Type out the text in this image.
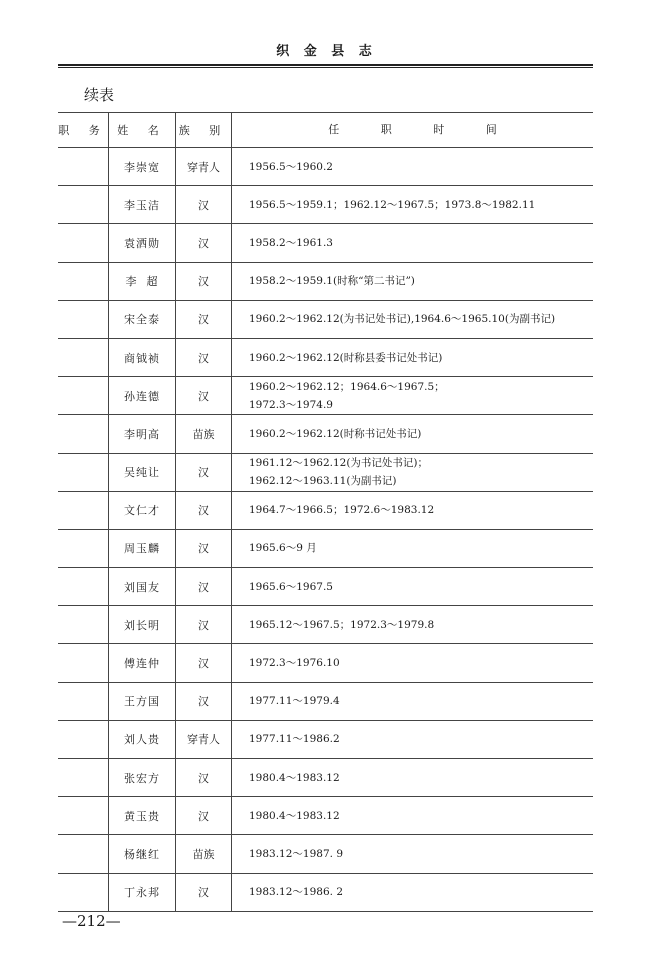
织 金 县 志
续表
职 务	姓 名	族 别	任 职 时 间
	李崇宽	穿青人	1956.5～1960.2

	李玉洁	汉	1956.5～1959.1；1962.12～1967.5；1973.8～1982.11

	袁洒勋	汉	1958.2～1961.3

	李  超	汉	1958.2～1959.1(时称“第二书记”)

	宋全泰	汉	1960.2～1962.12(为书记处书记),1964.6～1965.10(为副书记)

	商钺祯	汉	1960.2～1962.12(时称县委书记处书记)

	孙连德	汉	1960.2～1962.12；1964.6～1967.5；
1972.3～1974.9

	李明高	苗族	1960.2～1962.12(时称书记处书记)

	吴纯让	汉	1961.12～1962.12(为书记处书记)；
1962.12～1963.11(为副书记)

	文仁才	汉	1964.7～1966.5；1972.6～1983.12

	周玉麟	汉	1965.6～9 月

	刘国友	汉	1965.6～1967.5

	刘长明	汉	1965.12～1967.5；1972.3～1979.8

	傅连仲	汉	1972.3～1976.10

	王方国	汉	1977.11～1979.4

	刘人贵	穿青人	1977.11～1986.2

	张宏方	汉	1980.4～1983.12

	黄玉贵	汉	1980.4～1983.12

	杨继红	苗族	1983.12～1987. 9

	丁永邦	汉	1983.12～1986. 2
—212—
